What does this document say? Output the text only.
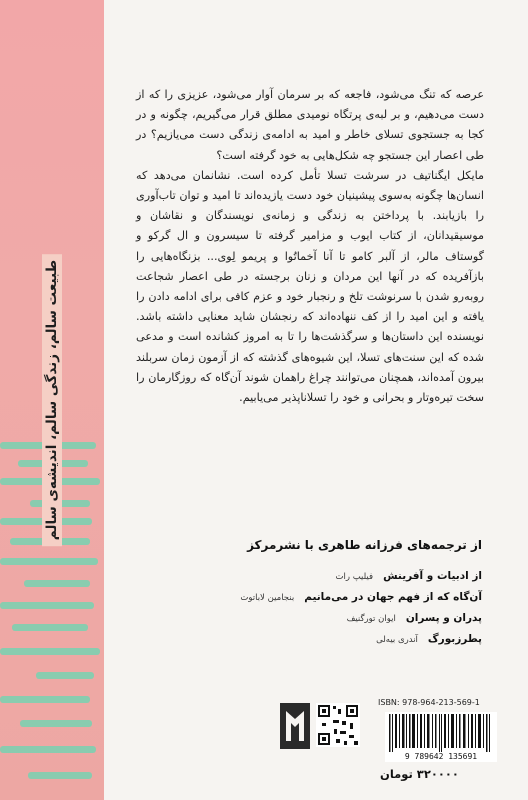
طبیعت سالم، زندگی سالم، اندیشه‌ی سالم

عرصه که تنگ می‌شود، فاجعه که بر سرمان آوار می‌شود، عزیزی را که از دست می‌دهیم، و بر لبه‌ی پرتگاه نومیدی مطلق قرار می‌گیریم، چگونه و در کجا به جستجوی تسلای خاطر و امید به ادامه‌ی زندگی دست می‌یازیم؟ در طی اعصار این جستجو چه شکل‌هایی به خود گرفته است؟

مایکل ایگناتیف در سرشت تسلا تأمل کرده است. نشانمان می‌دهد که انسان‌ها چگونه به‌سوی پیشینیان خود دست یازیده‌اند تا امید و توان تاب‌آوری را بازیابند. با پرداختن به زندگی و زمانه‌ی نویسندگان و نقاشان و موسیقیدانان، از کتاب ایوب و مزامیر گرفته تا سیسرون و ال گرکو و گوستاف مالر، از آلبر کامو تا آنا آخماتُوا و پریمو لِوی... بزنگاه‌هایی را بازآفریده که در آنها این مردان و زنان برجسته در طی اعصار شجاعت روبه‌رو شدن با سرنوشت تلخ و رنجبار خود و عزم کافی برای ادامه دادن را یافته و این امید را از کف ننهاده‌اند که رنجشان شاید معنایی داشته باشد. نویسنده این داستان‌ها و سرگذشت‌ها را تا به امروز کشانده است و مدعی شده که این سنت‌های تسلا، این شیوه‌های گذشته که از آزمون زمان سربلند بیرون آمده‌اند، همچنان می‌توانند چراغ راهمان شوند آن‌گاه که روزگارمان را سخت تیره‌وتار و بحرانی و خود را تسلاناپذیر می‌یابیم.

از ترجمه‌های فرزانه طاهری با نشرمرکز
از ادبیات و آفرینش
فیلیپ رات
آن‌گاه که از فهم جهان در می‌مانیم
بنجامین لاباتوت
پدران و پسران
ایوان تورگنیف
پطرزبورگ
آندری بیه‌لی
ISBN: 978-964-213-569-1
9 789642 135691
۳۲۰۰۰۰ تومان
